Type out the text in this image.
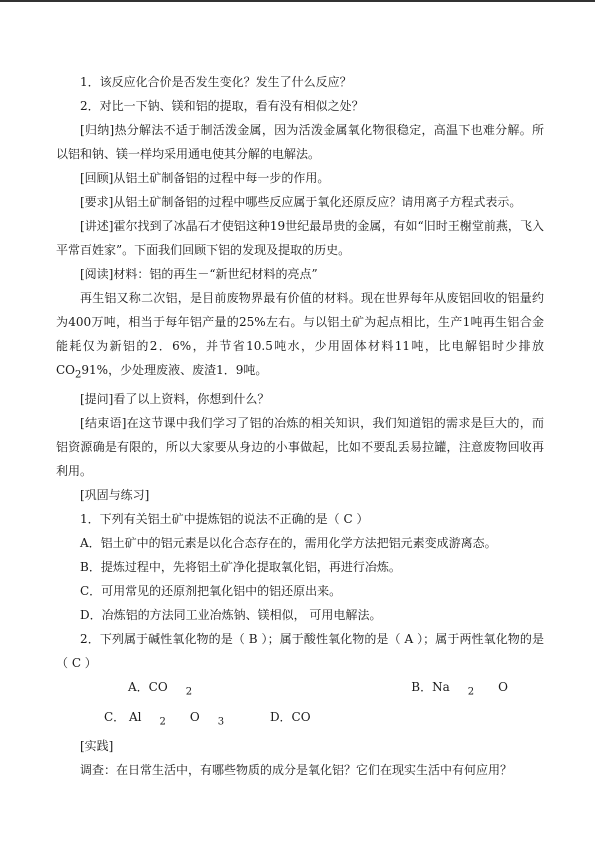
1．该反应化合价是否发生变化？发生了什么反应？

2．对比一下钠、镁和铝的提取，看有没有相似之处？

[归纳]热分解法不适于制活泼金属，因为活泼金属氧化物很稳定，高温下也难分解。所以铝和钠、镁一样均采用通电使其分解的电解法。

[回顾]从铝土矿制备铝的过程中每一步的作用。

[要求]从铝土矿制备铝的过程中哪些反应属于氧化还原反应？请用离子方程式表示。

[讲述]霍尔找到了冰晶石才使铝这种19世纪最昂贵的金属，有如“旧时王榭堂前燕，飞入平常百姓家”。下面我们回顾下铝的发现及提取的历史。

[阅读]材料：铝的再生－“新世纪材料的亮点”

再生铝又称二次铝，是目前废物界最有价值的材料。现在世界每年从废铝回收的铝量约为400万吨，相当于每年铝产量的25%左右。与以铝土矿为起点相比，生产1吨再生铝合金能耗仅为新铝的2．6%，并节省10.5吨水，少用固体材料11吨，比电解铝时少排放$CO_291\%$，少处理废液、废渣1．9吨。

[提问]看了以上资料，你想到什么？

[结束语]在这节课中我们学习了铝的冶炼的相关知识，我们知道铝的需求是巨大的，而铝资源确是有限的，所以大家要从身边的小事做起，比如不要乱丢易拉罐，注意废物回收再利用。

[巩固与练习]

1．下列有关铝土矿中提炼铝的说法不正确的是（ C ）

A．铝土矿中的铝元素是以化合态存在的，需用化学方法把铝元素变成游离态。

B．提炼过程中，先将铝土矿净化提取氧化铝，再进行冶炼。

C．可用常见的还原剂把氧化铝中的铝还原出来。

D．冶炼铝的方法同工业冶炼钠、镁相似， 可用电解法。

2．下列属于碱性氧化物的是（ B ）；属于酸性氧化物的是（ A ）；属于两性氧化物的是（ C ）

A．CO $_2$	B．Na $_2$ O C． Al $_2$ O $_3$	D．CO

[实践]

调查：在日常生活中，有哪些物质的成分是氧化铝？它们在现实生活中有何应用？
